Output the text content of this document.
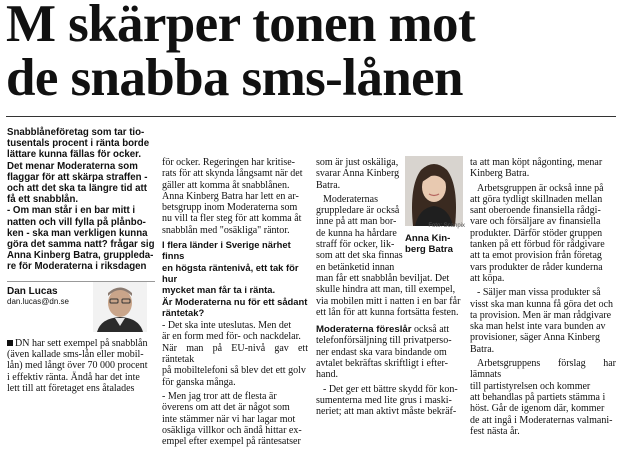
M skärper tonen mot
de snabba sms-lånen
Snabblåneföretag som tar tio-
tusentals procent i ränta borde
lättare kunna fällas för ocker.
Det menar Moderaterna som
flaggar för att skärpa straffen -
och att det ska ta längre tid att
få ett snabblån.
- Om man står i en bar mitt i
natten och vill fylla på plånbo-
ken - ska man verkligen kunna
göra det samma natt? frågar sig
Anna Kinberg Batra, gruppleda-
re för Moderaterna i riksdagen
Dan Lucas
dan.lucas@dn.se
DN har sett exempel på snabblån
(även kallade sms-lån eller mobil-
lån) med långt över 70 000 procent
i effektiv ränta. Ändå har det inte
lett till att företaget ens åtalades
för ocker. Regeringen har kritise-
rats för att skynda långsamt när det
gäller att komma åt snabblånen.
Anna Kinberg Batra har lett en ar-
betsgrupp inom Moderaterna som
nu vill ta fler steg för att komma åt
snabblån med "osäkliga" räntor.
I flera länder i Sverige närhet finns
en högsta räntenivå, ett tak för hur
mycket man får ta i ränta.
Är Moderaterna nu för ett sådant
räntetak?
- Det ska inte uteslutas. Men det
är en form med för- och nackdelar.
När man på EU-nivå gav ett räntetak
på mobiltelefoni så blev det ett golv
för ganska många.
- Men jag tror att de flesta är
överens om att det är något som
inte stämmer när vi har lagar mot
osäkliga villkor och ändå hittar ex-
empel efter exempel på räntesatser
som är just oskäliga,
svarar Anna Kinberg
Batra.
Moderaternas
gruppledare är också
inne på att man bor-
de kunna ha hårdare
straff för ocker, lik-
som att det ska finnas
en betänketid innan
man får ett snabblån beviljat. Det
skulle hindra att man, till exempel,
via mobilen mitt i natten i en bar får
ett lån för att kunna fortsätta festen.
Moderaterna föreslår också att
telefonförsäljning till privatperso-
ner endast ska vara bindande om
avtalet bekräftas skriftligt i efter-
hand.
- Det ger ett bättre skydd för kon-
sumenterna med lite grus i maski-
neriet; att man aktivt måste bekräf-
Foto: Scanpix
Anna Kin-
berg Batra
ta att man köpt någonting, menar
Kinberg Batra.
Arbetsgruppen är också inne på
att göra tydligt skillnaden mellan
sant oberoende finansiella rådgi-
vare och försäljare av finansiella
produkter. Därför stöder gruppen
tanken på ett förbud för rådgivare
att ta emot provision från företag
vars produkter de råder kunderna
att köpa.
- Säljer man vissa produkter så
visst ska man kunna få göra det och
ta provision. Men är man rådgivare
ska man helst inte vara bunden av
provisioner, säger Anna Kinberg
Batra.
Arbetsgruppens förslag har lämnats
till partistyrelsen och kommer
att behandlas på partiets stämma i
höst. Går de igenom där, kommer
de att ingå i Moderaternas valmani-
fest nästa år.
